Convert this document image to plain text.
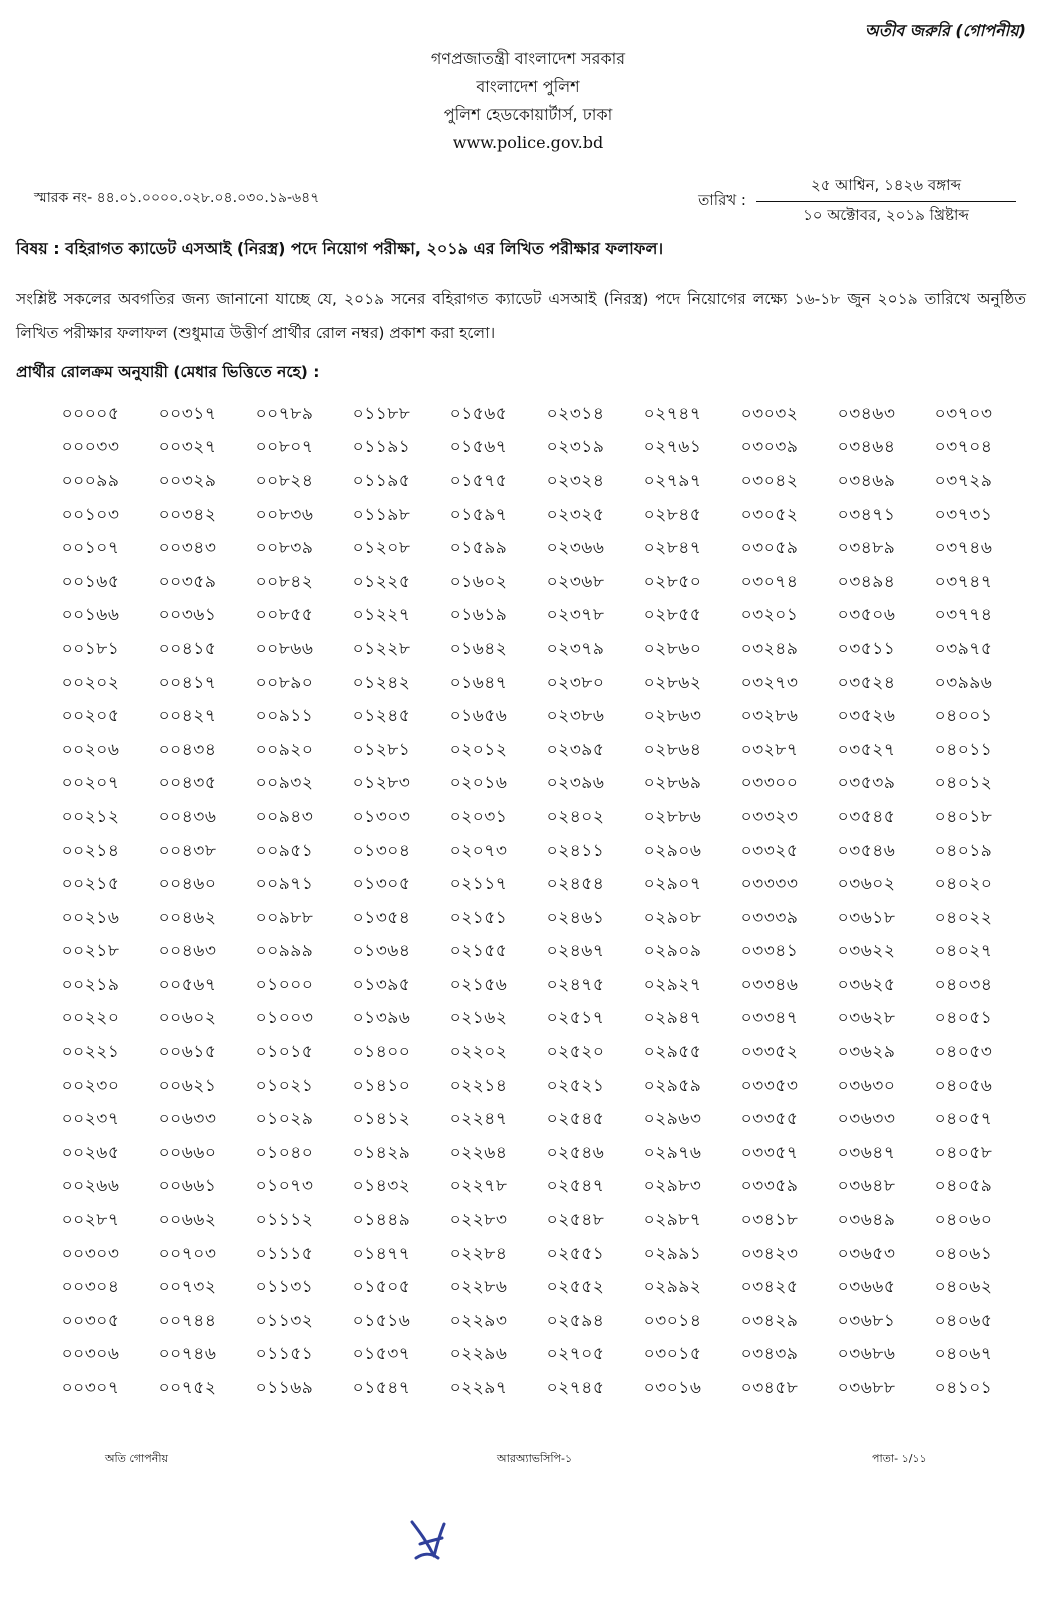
অতীব জরুরি (গোপনীয়)
গণপ্রজাতন্ত্রী বাংলাদেশ সরকার
বাংলাদেশ পুলিশ
পুলিশ হেডকোয়ার্টার্স, ঢাকা
www.police.gov.bd
স্মারক নং- ৪৪.০১.০০০০.০২৮.০৪.০৩০.১৯-৬৪৭	তারিখ :
২৫ আশ্বিন, ১৪২৬ বঙ্গাব্দ
১০ অক্টোবর, ২০১৯ খ্রিষ্টাব্দ
বিষয় : বহিরাগত ক্যাডেট এসআই (নিরস্ত্র) পদে নিয়োগ পরীক্ষা, ২০১৯ এর লিখিত পরীক্ষার ফলাফল।
সংশ্লিষ্ট সকলের অবগতির জন্য জানানো যাচ্ছে যে, ২০১৯ সনের বহিরাগত ক্যাডেট এসআই (নিরস্ত্র) পদে নিয়োগের লক্ষ্যে ১৬-১৮ জুন ২০১৯ তারিখে অনুষ্ঠিত লিখিত পরীক্ষার ফলাফল (শুধুমাত্র উত্তীর্ণ প্রার্থীর রোল নম্বর) প্রকাশ করা হলো।
প্রার্থীর রোলক্রম অনুযায়ী (মেধার ভিত্তিতে নহে) :
০০০০৫	০০৩১৭	০০৭৮৯	০১১৮৮	০১৫৬৫	০২৩১৪	০২৭৪৭	০৩০৩২	০৩৪৬৩	০৩৭০৩
০০০৩৩	০০৩২৭	০০৮০৭	০১১৯১	০১৫৬৭	০২৩১৯	০২৭৬১	০৩০৩৯	০৩৪৬৪	০৩৭০৪
০০০৯৯	০০৩২৯	০০৮২৪	০১১৯৫	০১৫৭৫	০২৩২৪	০২৭৯৭	০৩০৪২	০৩৪৬৯	০৩৭২৯
০০১০৩	০০৩৪২	০০৮৩৬	০১১৯৮	০১৫৯৭	০২৩২৫	০২৮৪৫	০৩০৫২	০৩৪৭১	০৩৭৩১
০০১০৭	০০৩৪৩	০০৮৩৯	০১২০৮	০১৫৯৯	০২৩৬৬	০২৮৪৭	০৩০৫৯	০৩৪৮৯	০৩৭৪৬
০০১৬৫	০০৩৫৯	০০৮৪২	০১২২৫	০১৬০২	০২৩৬৮	০২৮৫০	০৩০৭৪	০৩৪৯৪	০৩৭৪৭
০০১৬৬	০০৩৬১	০০৮৫৫	০১২২৭	০১৬১৯	০২৩৭৮	০২৮৫৫	০৩২০১	০৩৫০৬	০৩৭৭৪
০০১৮১	০০৪১৫	০০৮৬৬	০১২২৮	০১৬৪২	০২৩৭৯	০২৮৬০	০৩২৪৯	০৩৫১১	০৩৯৭৫
০০২০২	০০৪১৭	০০৮৯০	০১২৪২	০১৬৪৭	০২৩৮০	০২৮৬২	০৩২৭৩	০৩৫২৪	০৩৯৯৬
০০২০৫	০০৪২৭	০০৯১১	০১২৪৫	০১৬৫৬	০২৩৮৬	০২৮৬৩	০৩২৮৬	০৩৫২৬	০৪০০১
০০২০৬	০০৪৩৪	০০৯২০	০১২৮১	০২০১২	০২৩৯৫	০২৮৬৪	০৩২৮৭	০৩৫২৭	০৪০১১
০০২০৭	০০৪৩৫	০০৯৩২	০১২৮৩	০২০১৬	০২৩৯৬	০২৮৬৯	০৩৩০০	০৩৫৩৯	০৪০১২
০০২১২	০০৪৩৬	০০৯৪৩	০১৩০৩	০২০৩১	০২৪০২	০২৮৮৬	০৩৩২৩	০৩৫৪৫	০৪০১৮
০০২১৪	০০৪৩৮	০০৯৫১	০১৩০৪	০২০৭৩	০২৪১১	০২৯০৬	০৩৩২৫	০৩৫৪৬	০৪০১৯
০০২১৫	০০৪৬০	০০৯৭১	০১৩০৫	০২১১৭	০২৪৫৪	০২৯০৭	০৩৩৩৩	০৩৬০২	০৪০২০
০০২১৬	০০৪৬২	০০৯৮৮	০১৩৫৪	০২১৫১	০২৪৬১	০২৯০৮	০৩৩৩৯	০৩৬১৮	০৪০২২
০০২১৮	০০৪৬৩	০০৯৯৯	০১৩৬৪	০২১৫৫	০২৪৬৭	০২৯০৯	০৩৩৪১	০৩৬২২	০৪০২৭
০০২১৯	০০৫৬৭	০১০০০	০১৩৯৫	০২১৫৬	০২৪৭৫	০২৯২৭	০৩৩৪৬	০৩৬২৫	০৪০৩৪
০০২২০	০০৬০২	০১০০৩	০১৩৯৬	০২১৬২	০২৫১৭	০২৯৪৭	০৩৩৪৭	০৩৬২৮	০৪০৫১
০০২২১	০০৬১৫	০১০১৫	০১৪০০	০২২০২	০২৫২০	০২৯৫৫	০৩৩৫২	০৩৬২৯	০৪০৫৩
০০২৩০	০০৬২১	০১০২১	০১৪১০	০২২১৪	০২৫২১	০২৯৫৯	০৩৩৫৩	০৩৬৩০	০৪০৫৬
০০২৩৭	০০৬৩৩	০১০২৯	০১৪১২	০২২৪৭	০২৫৪৫	০২৯৬৩	০৩৩৫৫	০৩৬৩৩	০৪০৫৭
০০২৬৫	০০৬৬০	০১০৪০	০১৪২৯	০২২৬৪	০২৫৪৬	০২৯৭৬	০৩৩৫৭	০৩৬৪৭	০৪০৫৮
০০২৬৬	০০৬৬১	০১০৭৩	০১৪৩২	০২২৭৮	০২৫৪৭	০২৯৮৩	০৩৩৫৯	০৩৬৪৮	০৪০৫৯
০০২৮৭	০০৬৬২	০১১১২	০১৪৪৯	০২২৮৩	০২৫৪৮	০২৯৮৭	০৩৪১৮	০৩৬৪৯	০৪০৬০
০০৩০৩	০০৭০৩	০১১১৫	০১৪৭৭	০২২৮৪	০২৫৫১	০২৯৯১	০৩৪২৩	০৩৬৫৩	০৪০৬১
০০৩০৪	০০৭৩২	০১১৩১	০১৫০৫	০২২৮৬	০২৫৫২	০২৯৯২	০৩৪২৫	০৩৬৬৫	০৪০৬২
০০৩০৫	০০৭৪৪	০১১৩২	০১৫১৬	০২২৯৩	০২৫৯৪	০৩০১৪	০৩৪২৯	০৩৬৮১	০৪০৬৫
০০৩০৬	০০৭৪৬	০১১৫১	০১৫৩৭	০২২৯৬	০২৭০৫	০৩০১৫	০৩৪৩৯	০৩৬৮৬	০৪০৬৭
০০৩০৭	০০৭৫২	০১১৬৯	০১৫৪৭	০২২৯৭	০২৭৪৫	০৩০১৬	০৩৪৫৮	০৩৬৮৮	০৪১০১
অতি গোপনীয়	আরঅ্যাভসিপি-১	পাতা- ১/১১
